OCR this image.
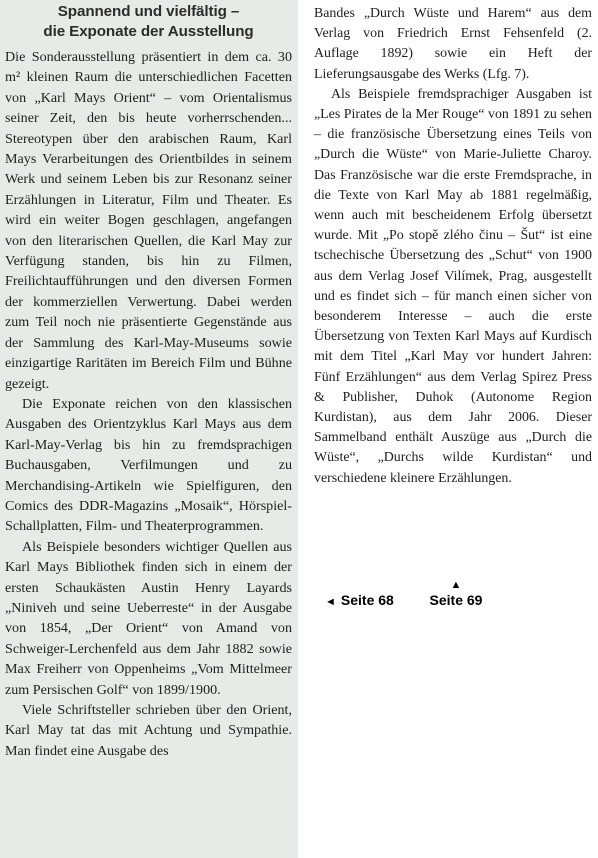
Spannend und vielfältig –
die Exponate der Ausstellung

Die Sonderausstellung präsentiert in dem ca. 30 m² kleinen Raum die unterschiedlichen Facetten von „Karl Mays Orient“ – vom Orientalismus seiner Zeit, den bis heute vorherrschenden... Stereotypen über den arabischen Raum, Karl Mays Verarbeitungen des Orientbildes in seinem Werk und seinem Leben bis zur Resonanz seiner Erzählungen in Literatur, Film und Theater. Es wird ein weiter Bogen geschlagen, angefangen von den literarischen Quellen, die Karl May zur Verfügung standen, bis hin zu Filmen, Freilichtaufführungen und den diversen Formen der kommerziellen Verwertung. Dabei werden zum Teil noch nie präsentierte Gegenstände aus der Sammlung des Karl-May-Museums sowie einzigartige Raritäten im Bereich Film und Bühne gezeigt.

Die Exponate reichen von den klassischen Ausgaben des Orientzyklus Karl Mays aus dem Karl-May-Verlag bis hin zu fremdsprachigen Buchausgaben, Verfilmungen und zu Merchandising-Artikeln wie Spielfiguren, den Comics des DDR-Magazins „Mosaik“, Hörspiel-Schallplatten, Film- und Theaterprogrammen.

Als Beispiele besonders wichtiger Quellen aus Karl Mays Bibliothek finden sich in einem der ersten Schaukästen Austin Henry Layards „Niniveh und seine Ueberreste“ in der Ausgabe von 1854, „Der Orient“ von Amand von Schweiger-Lerchenfeld aus dem Jahr 1882 sowie Max Freiherr von Oppenheims „Vom Mittelmeer zum Persischen Golf“ von 1899/1900.

Viele Schriftsteller schrieben über den Orient, Karl May tat das mit Achtung und Sympathie. Man findet eine Ausgabe des

Bandes „Durch Wüste und Harem“ aus dem Verlag von Friedrich Ernst Fehsenfeld (2. Auflage 1892) sowie ein Heft der Lieferungsausgabe des Werks (Lfg. 7).

Als Beispiele fremdsprachiger Ausgaben ist „Les Pirates de la Mer Rouge“ von 1891 zu sehen – die französische Übersetzung eines Teils von „Durch die Wüste“ von Marie-Juliette Charoy. Das Französische war die erste Fremdsprache, in die Texte von Karl May ab 1881 regelmäßig, wenn auch mit bescheidenem Erfolg übersetzt wurde. Mit „Po stopě zlého činu – Šut“ ist eine tschechische Übersetzung des „Schut“ von 1900 aus dem Verlag Josef Vilímek, Prag, ausgestellt und es findet sich – für manch einen sicher von besonderem Interesse – auch die erste Übersetzung von Texten Karl Mays auf Kurdisch mit dem Titel „Karl May vor hundert Jahren: Fünf Erzählungen“ aus dem Verlag Spirez Press & Publisher, Duhok (Autonome Region Kurdistan), aus dem Jahr 2006. Dieser Sammelband enthält Auszüge aus „Durch die Wüste“, „Durchs wilde Kurdistan“ und verschiedene kleinere Erzählungen.

◄ Seite 68
▲
Seite 69
